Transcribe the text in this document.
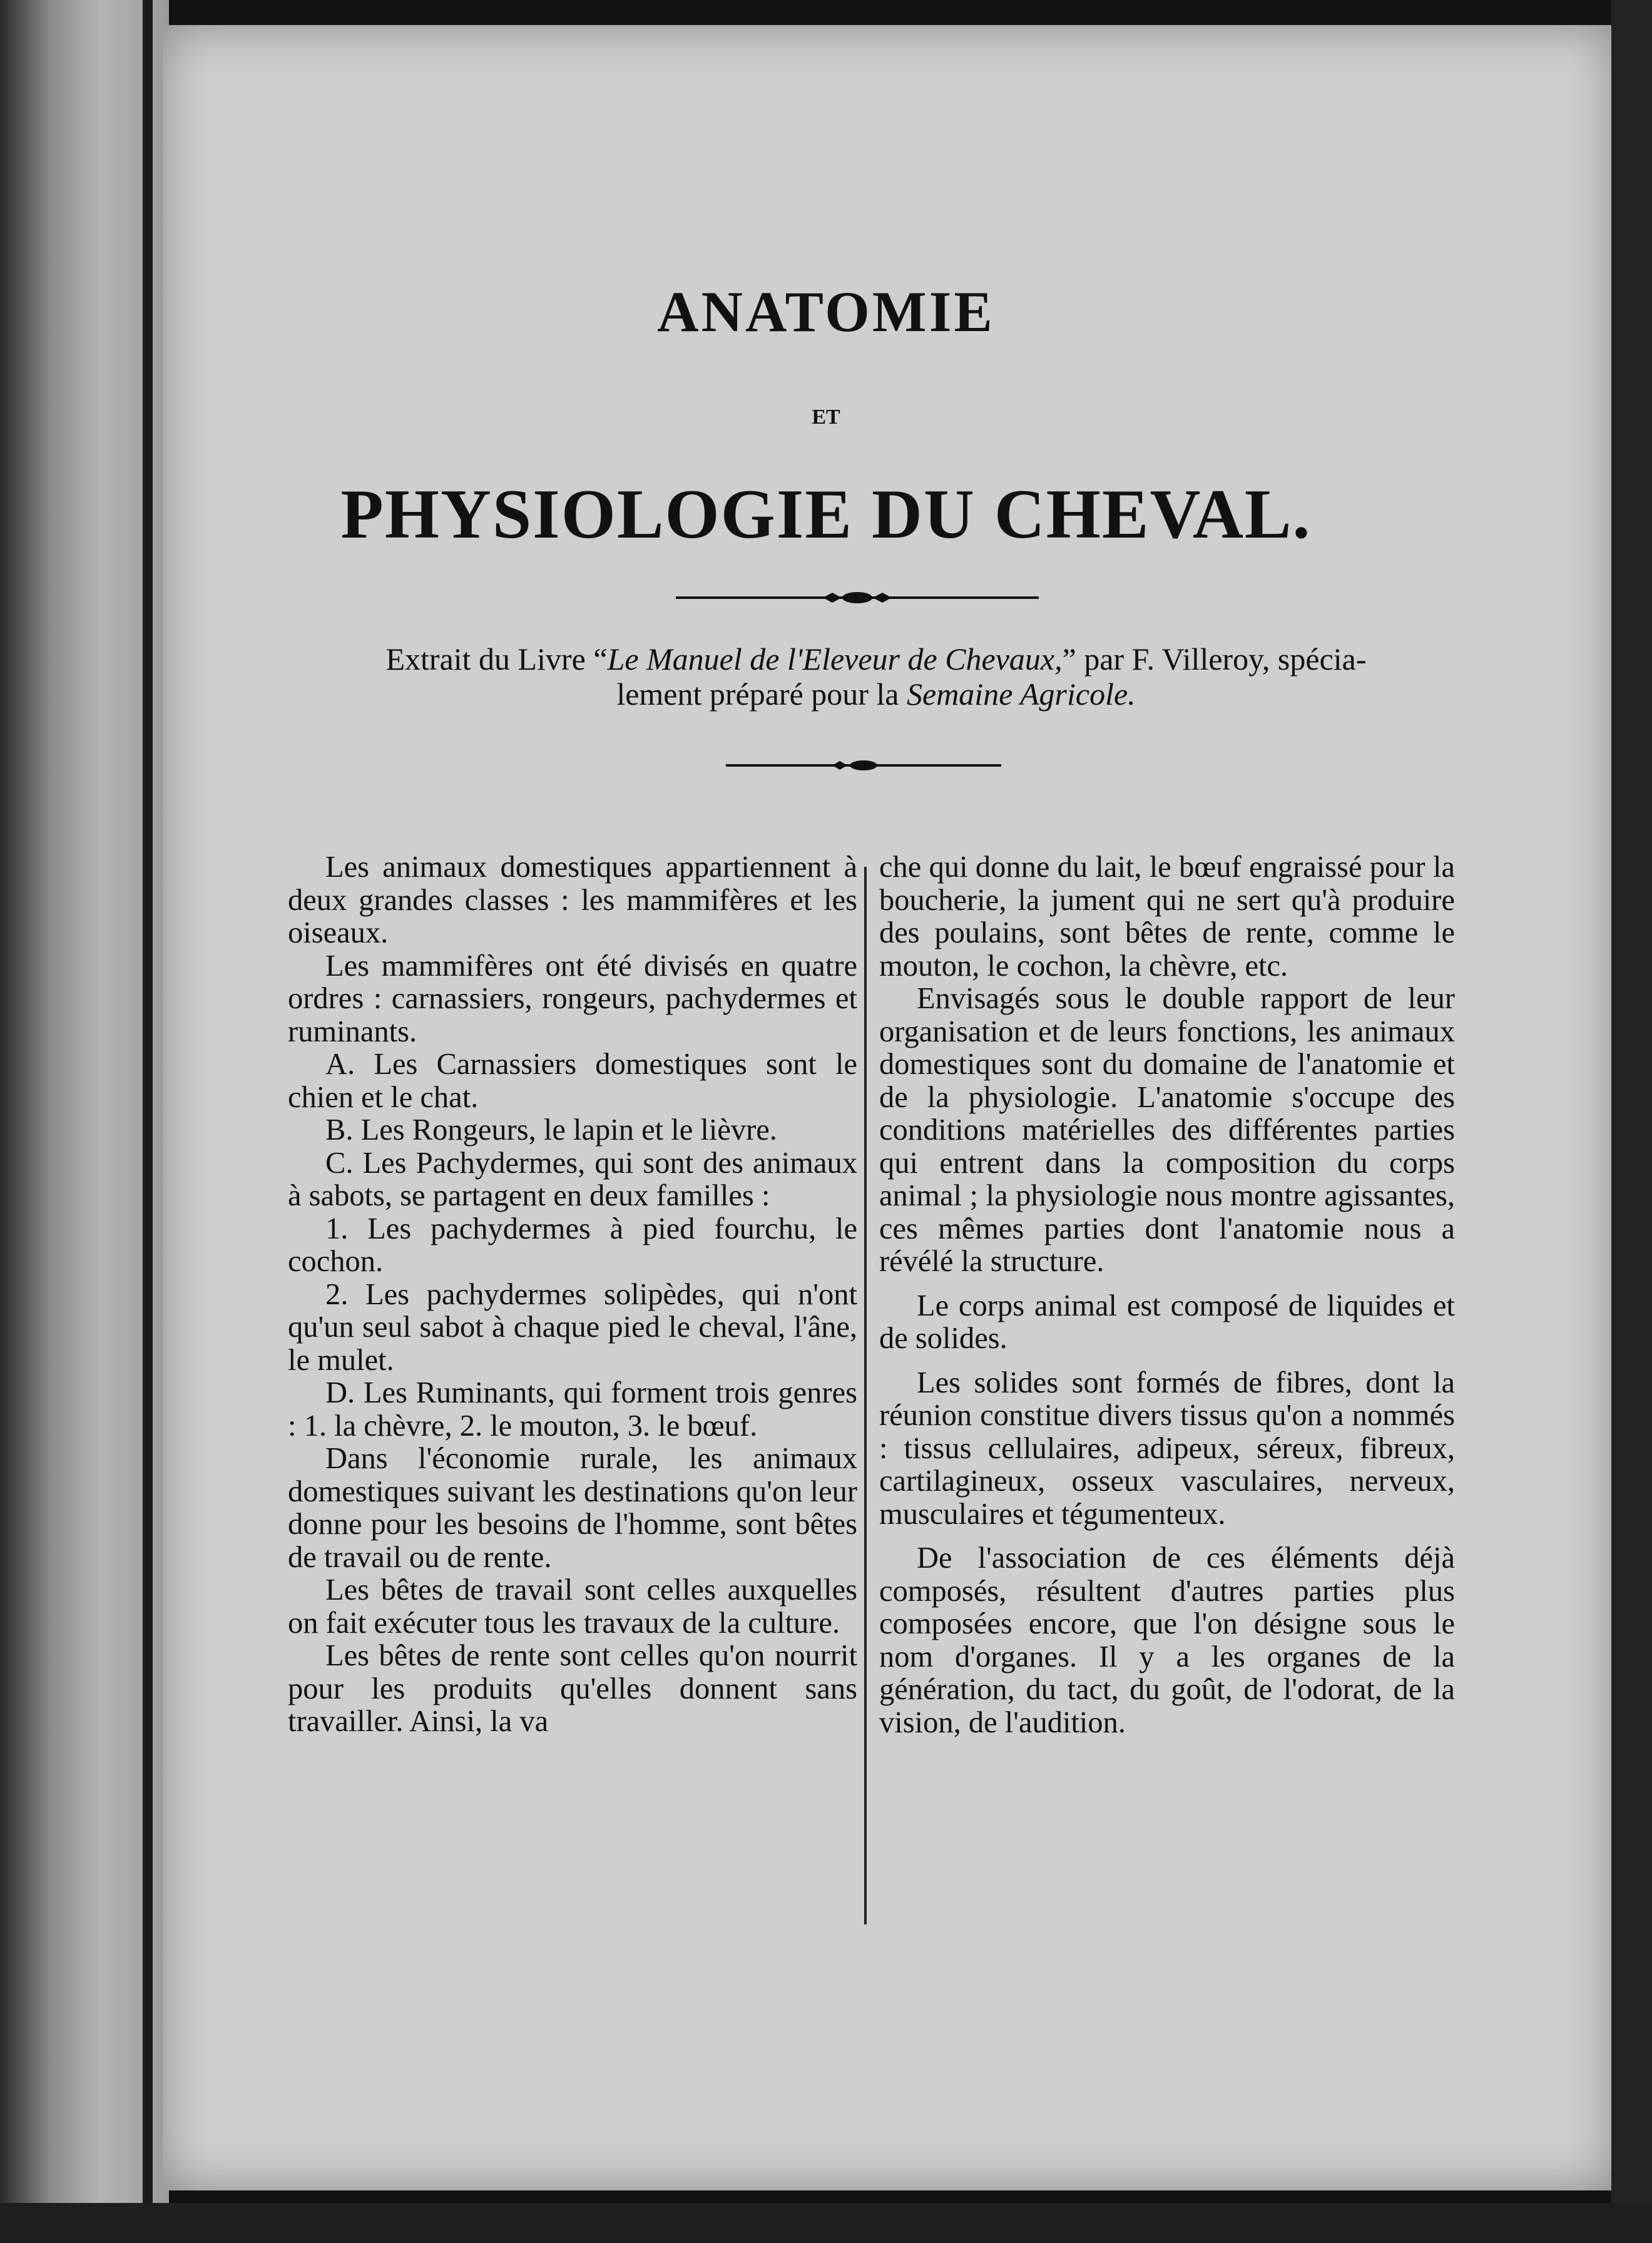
ANATOMIE
ET
PHYSIOLOGIE DU CHEVAL.
Extrait du Livre “Le Manuel de l'Eleveur de Chevaux,” par F. Villeroy, spécia-
lement préparé pour la Semaine Agricole.

Les animaux domestiques appartiennent à deux grandes classes : les mammifères et les oiseaux.

Les mammifères ont été divisés en quatre ordres : carnassiers, rongeurs, pachydermes et ruminants.

A. Les Carnassiers domestiques sont le chien et le chat.

B. Les Rongeurs, le lapin et le lièvre.

C. Les Pachydermes, qui sont des animaux à sabots, se partagent en deux familles :

1. Les pachydermes à pied fourchu, le cochon.

2. Les pachydermes solipèdes, qui n'ont qu'un seul sabot à chaque pied le cheval, l'âne, le mulet.

D. Les Ruminants, qui forment trois genres : 1. la chèvre, 2. le mouton, 3. le bœuf.

Dans l'économie rurale, les animaux domestiques suivant les destinations qu'on leur donne pour les besoins de l'homme, sont bêtes de travail ou de rente.

Les bêtes de travail sont celles auxquelles on fait exécuter tous les travaux de la culture.

Les bêtes de rente sont celles qu'on nourrit pour les produits qu'elles donnent sans travailler. Ainsi, la va

che qui donne du lait, le bœuf engraissé pour la boucherie, la jument qui ne sert qu'à produire des poulains, sont bêtes de rente, comme le mouton, le cochon, la chèvre, etc.

Envisagés sous le double rapport de leur organisation et de leurs fonctions, les animaux domestiques sont du domaine de l'anatomie et de la physiologie. L'anatomie s'occupe des conditions matérielles des différentes parties qui entrent dans la composition du corps animal ; la physiologie nous montre agissantes, ces mêmes parties dont l'anatomie nous a révélé la structure.

Le corps animal est composé de liquides et de solides.

Les solides sont formés de fibres, dont la réunion constitue divers tissus qu'on a nommés : tissus cellulaires, adipeux, séreux, fibreux, cartilagineux, osseux vasculaires, nerveux, musculaires et tégumenteux.

De l'association de ces éléments déjà composés, résultent d'autres parties plus composées encore, que l'on désigne sous le nom d'organes. Il y a les organes de la génération, du tact, du goût, de l'odorat, de la vision, de l'audition.
